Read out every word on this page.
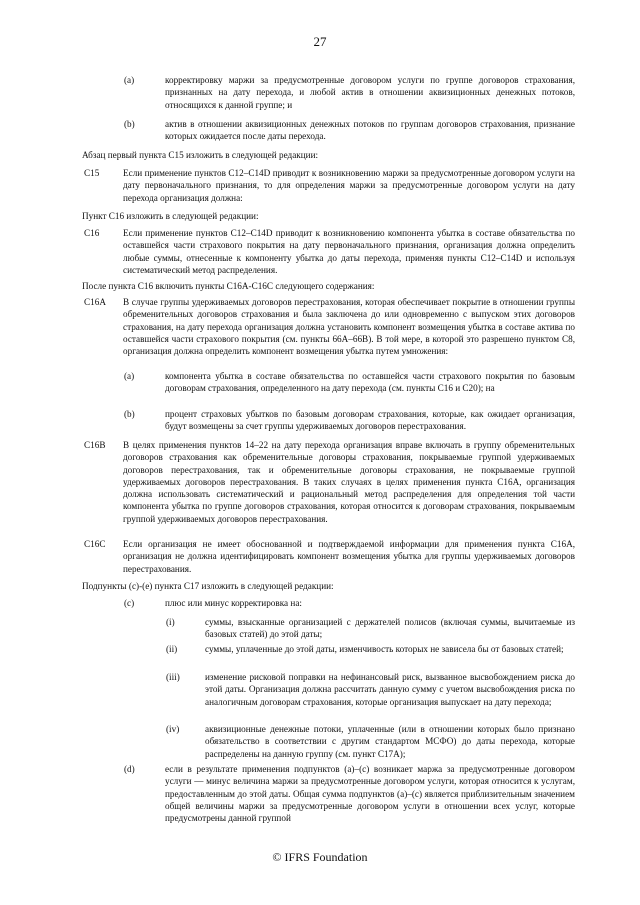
27
(a)	корректировку маржи за предусмотренные договором услуги по группе договоров страхования, признанных на дату перехода, и любой актив в отношении аквизиционных денежных потоков, относящихся к данной группе; и
(b)	актив в отношении аквизиционных денежных потоков по группам договоров страхования, признание которых ожидается после даты перехода.
Абзац первый пункта C15 изложить в следующей редакции:
C15	Если применение пунктов C12–C14D приводит к возникновению маржи за предусмотренные договором услуги на дату первоначального признания, то для определения маржи за предусмотренные договором услуги на дату перехода организация должна:
Пункт C16 изложить в следующей редакции:
C16	Если применение пунктов C12–C14D приводит к возникновению компонента убытка в составе обязательства по оставшейся части страхового покрытия на дату первоначального признания, организация должна определить любые суммы, отнесенные к компоненту убытка до даты перехода, применяя пункты C12–C14D и используя систематический метод распределения.
После пункта C16 включить пункты C16A-C16C следующего содержания:
C16A В случае группы удерживаемых договоров перестрахования, которая обеспечивает покрытие в отношении группы обременительных договоров страхования и была заключена до или одновременно с выпуском этих договоров страхования, на дату перехода организация должна установить компонент возмещения убытка в составе актива по оставшейся части страхового покрытия (см. пункты 66A–66B). В той мере, в которой это разрешено пунктом C8, организация должна определить компонент возмещения убытка путем умножения:
(a)	компонента убытка в составе обязательства по оставшейся части страхового покрытия по базовым договорам страхования, определенного на дату перехода (см. пункты C16 и C20); на
(b)	процент страховых убытков по базовым договорам страхования, которые, как ожидает организация, будут возмещены за счет группы удерживаемых договоров перестрахования.
C16B В целях применения пунктов 14–22 на дату перехода организация вправе включать в группу обременительных договоров страхования как обременительные договоры страхования, покрываемые группой удерживаемых договоров перестрахования, так и обременительные договоры страхования, не покрываемые группой удерживаемых договоров перестрахования. В таких случаях в целях применения пункта C16A, организация должна использовать систематический и рациональный метод распределения для определения той части компонента убытка по группе договоров страхования, которая относится к договорам страхования, покрываемым группой удерживаемых договоров перестрахования.
C16C Если организация не имеет обоснованной и подтверждаемой информации для применения пункта C16A, организация не должна идентифицировать компонент возмещения убытка для группы удерживаемых договоров перестрахования.
Подпункты (c)-(e) пункта C17 изложить в следующей редакции:
(c)	плюс или минус корректировка на:
(i)	суммы, взысканные организацией с держателей полисов (включая суммы, вычитаемые из базовых статей) до этой даты;
(ii)	суммы, уплаченные до этой даты, изменчивость которых не зависела бы от базовых статей;
(iii)	изменение рисковой поправки на нефинансовый риск, вызванное высвобождением риска до этой даты. Организация должна рассчитать данную сумму с учетом высвобождения риска по аналогичным договорам страхования, которые организация выпускает на дату перехода;
(iv)	аквизиционные денежные потоки, уплаченные (или в отношении которых было признано обязательство в соответствии с другим стандартом МСФО) до даты перехода, которые распределены на данную группу (см. пункт C17A);
(d)	если в результате применения подпунктов (a)–(c) возникает маржа за предусмотренные договором услуги — минус величина маржи за предусмотренные договором услуги, которая относится к услугам, предоставленным до этой даты. Общая сумма подпунктов (a)–(c) является приблизительным значением общей величины маржи за предусмотренные договором услуги в отношении всех услуг, которые предусмотрены данной группой
© IFRS Foundation
